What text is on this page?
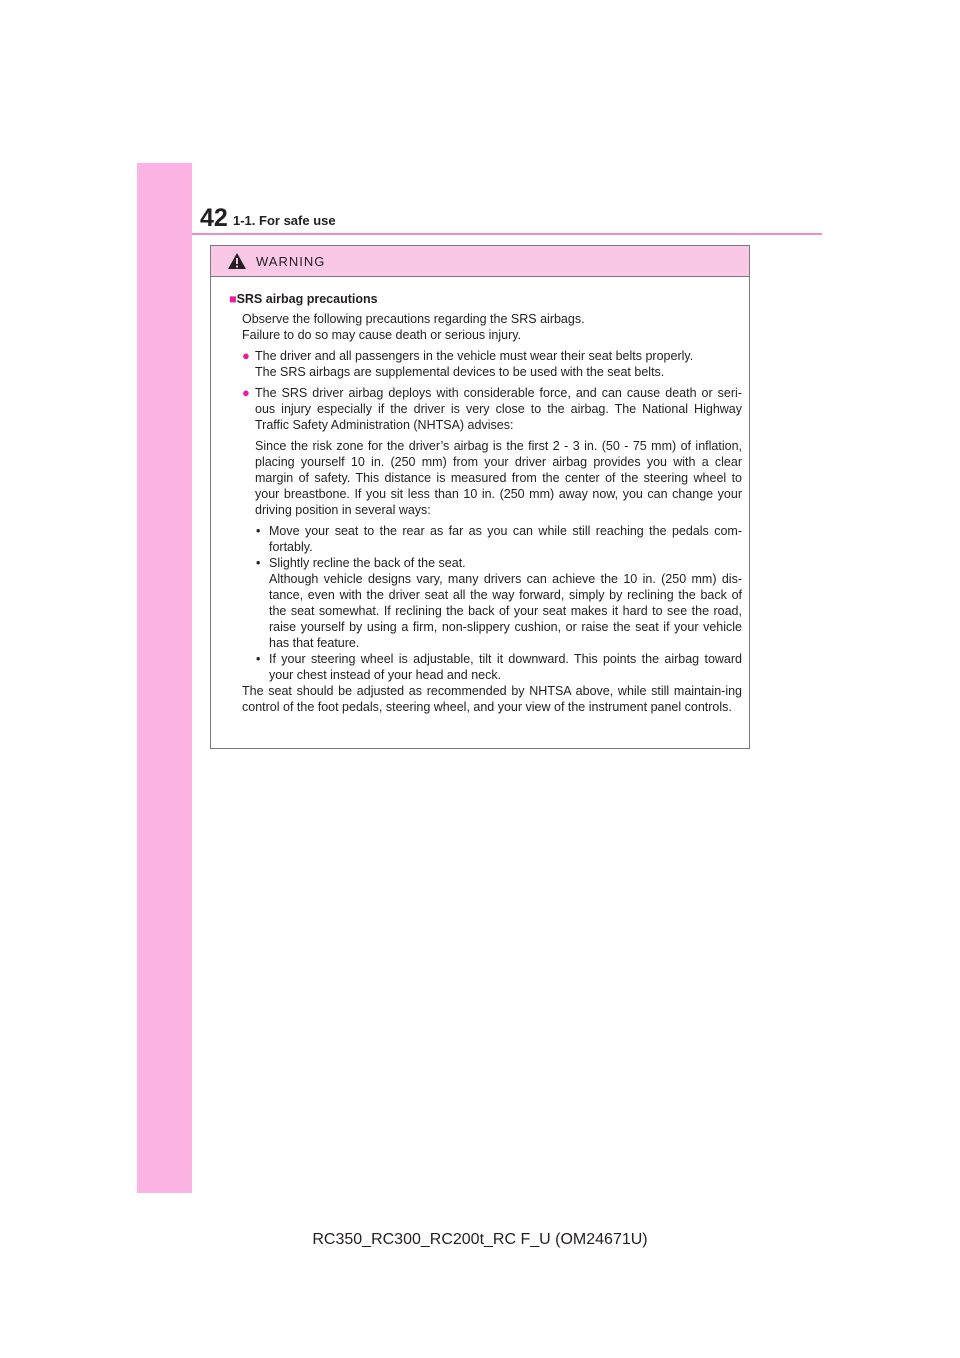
42 1-1. For safe use
WARNING
■SRS airbag precautions

Observe the following precautions regarding the SRS airbags.

Failure to do so may cause death or serious injury.

● The driver and all passengers in the vehicle must wear their seat belts properly.

The SRS airbags are supplemental devices to be used with the seat belts.

● The SRS driver airbag deploys with considerable force, and can cause death or seri-ous injury especially if the driver is very close to the airbag. The National Highway Traffic Safety Administration (NHTSA) advises:

Since the risk zone for the driver’s airbag is the first 2 - 3 in. (50 - 75 mm) of inflation, placing yourself 10 in. (250 mm) from your driver airbag provides you with a clear margin of safety. This distance is measured from the center of the steering wheel to your breastbone. If you sit less than 10 in. (250 mm) away now, you can change your driving position in several ways:

• Move your seat to the rear as far as you can while still reaching the pedals com-fortably.

• Slightly recline the back of the seat.

Although vehicle designs vary, many drivers can achieve the 10 in. (250 mm) dis-tance, even with the driver seat all the way forward, simply by reclining the back of the seat somewhat. If reclining the back of your seat makes it hard to see the road, raise yourself by using a firm, non-slippery cushion, or raise the seat if your vehicle has that feature.

• If your steering wheel is adjustable, tilt it downward. This points the airbag toward your chest instead of your head and neck.

The seat should be adjusted as recommended by NHTSA above, while still maintain-ing control of the foot pedals, steering wheel, and your view of the instrument panel controls.

RC350_RC300_RC200t_RC F_U (OM24671U)
